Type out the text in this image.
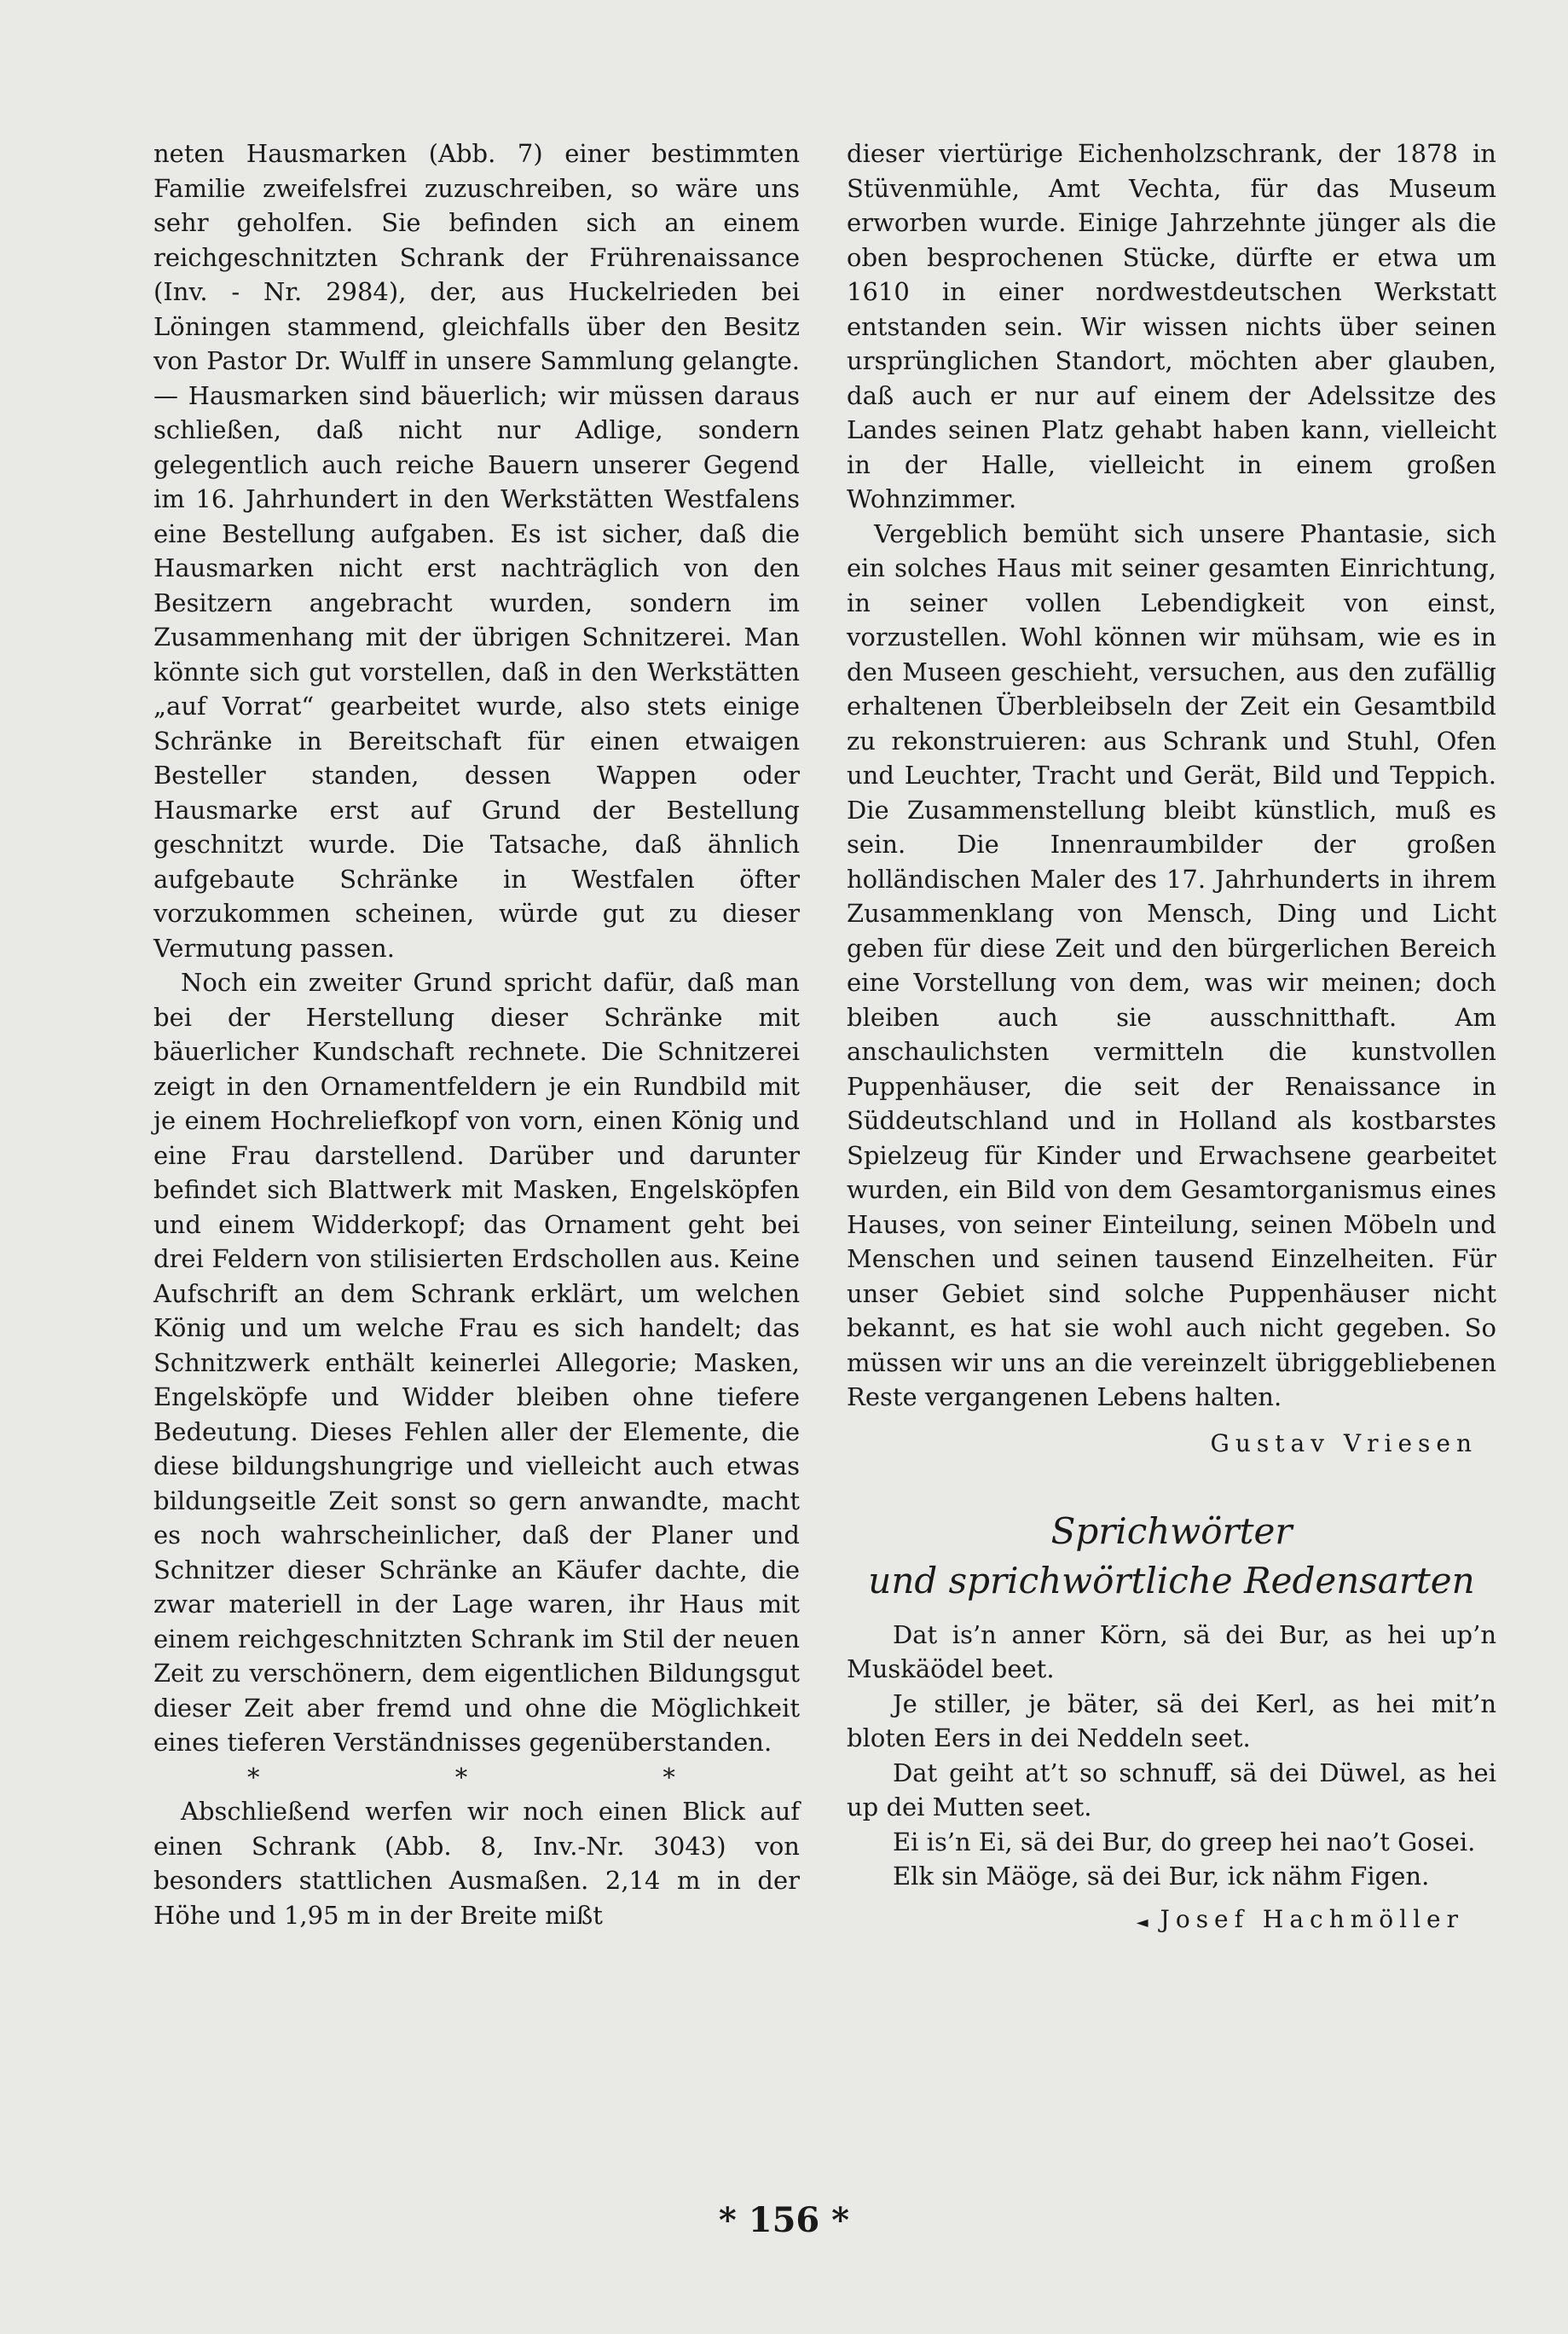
neten Hausmarken (Abb. 7) einer bestimmten Familie zweifelsfrei zuzuschreiben, so wäre uns sehr geholfen. Sie befinden sich an einem reichgeschnitzten Schrank der Frührenaissance (Inv. - Nr. 2984), der, aus Huckelrieden bei Löningen stammend, gleichfalls über den Besitz von Pastor Dr. Wulff in unsere Sammlung gelangte. — Hausmarken sind bäuerlich; wir müssen daraus schließen, daß nicht nur Adlige, sondern gelegentlich auch reiche Bauern unserer Gegend im 16. Jahrhundert in den Werkstätten Westfalens eine Bestellung aufgaben. Es ist sicher, daß die Hausmarken nicht erst nachträglich von den Besitzern angebracht wurden, sondern im Zusammenhang mit der übrigen Schnitzerei. Man könnte sich gut vorstellen, daß in den Werkstätten „auf Vorrat“ gearbeitet wurde, also stets einige Schränke in Bereitschaft für einen etwaigen Besteller standen, dessen Wappen oder Hausmarke erst auf Grund der Bestellung geschnitzt wurde. Die Tatsache, daß ähnlich aufgebaute Schränke in Westfalen öfter vorzukommen scheinen, würde gut zu dieser Vermutung passen.

Noch ein zweiter Grund spricht dafür, daß man bei der Herstellung dieser Schränke mit bäuerlicher Kundschaft rechnete. Die Schnitzerei zeigt in den Ornamentfeldern je ein Rundbild mit je einem Hochreliefkopf von vorn, einen König und eine Frau darstellend. Darüber und darunter befindet sich Blattwerk mit Masken, Engelsköpfen und einem Widderkopf; das Ornament geht bei drei Feldern von stilisierten Erdschollen aus. Keine Aufschrift an dem Schrank erklärt, um welchen König und um welche Frau es sich handelt; das Schnitzwerk enthält keinerlei Allegorie; Masken, Engelsköpfe und Widder bleiben ohne tiefere Bedeutung. Dieses Fehlen aller der Elemente, die diese bildungshungrige und vielleicht auch etwas bildungseitle Zeit sonst so gern anwandte, macht es noch wahrscheinlicher, daß der Planer und Schnitzer dieser Schränke an Käufer dachte, die zwar materiell in der Lage waren, ihr Haus mit einem reichgeschnitzten Schrank im Stil der neuen Zeit zu verschönern, dem eigentlichen Bildungsgut dieser Zeit aber fremd und ohne die Möglichkeit eines tieferen Verständnisses gegenüberstanden.

* * *

Abschließend werfen wir noch einen Blick auf einen Schrank (Abb. 8, Inv.-Nr. 3043) von besonders stattlichen Ausmaßen. 2,14 m in der Höhe und 1,95 m in der Breite mißt

dieser viertürige Eichenholzschrank, der 1878 in Stüvenmühle, Amt Vechta, für das Museum erworben wurde. Einige Jahrzehnte jünger als die oben besprochenen Stücke, dürfte er etwa um 1610 in einer nordwestdeutschen Werkstatt entstanden sein. Wir wissen nichts über seinen ursprünglichen Standort, möchten aber glauben, daß auch er nur auf einem der Adelssitze des Landes seinen Platz gehabt haben kann, vielleicht in der Halle, vielleicht in einem großen Wohnzimmer.

Vergeblich bemüht sich unsere Phantasie, sich ein solches Haus mit seiner gesamten Einrichtung, in seiner vollen Lebendigkeit von einst, vorzustellen. Wohl können wir mühsam, wie es in den Museen geschieht, versuchen, aus den zufällig erhaltenen Überbleibseln der Zeit ein Gesamtbild zu rekonstruieren: aus Schrank und Stuhl, Ofen und Leuchter, Tracht und Gerät, Bild und Teppich. Die Zusammenstellung bleibt künstlich, muß es sein. Die Innenraumbilder der großen holländischen Maler des 17. Jahrhunderts in ihrem Zusammenklang von Mensch, Ding und Licht geben für diese Zeit und den bürgerlichen Bereich eine Vorstellung von dem, was wir meinen; doch bleiben auch sie ausschnitthaft. Am anschaulichsten vermitteln die kunstvollen Puppenhäuser, die seit der Renaissance in Süddeutschland und in Holland als kostbarstes Spielzeug für Kinder und Erwachsene gearbeitet wurden, ein Bild von dem Gesamtorganismus eines Hauses, von seiner Einteilung, seinen Möbeln und Menschen und seinen tausend Einzelheiten. Für unser Gebiet sind solche Puppenhäuser nicht bekannt, es hat sie wohl auch nicht gegeben. So müssen wir uns an die vereinzelt übriggebliebenen Reste vergangenen Lebens halten.

Gustav Vriesen
Sprichwörter
und sprichwörtliche Redensarten

Dat is’n anner Körn, sä dei Bur, as hei up’n Muskäödel beet.

Je stiller, je bäter, sä dei Kerl, as hei mit’n bloten Eers in dei Neddeln seet.

Dat geiht at’t so schnuff, sä dei Düwel, as hei up dei Mutten seet.

Ei is’n Ei, sä dei Bur, do greep hei nao’t Gosei.

Elk sin Mäöge, sä dei Bur, ick nähm Figen.

◄ Josef Hachmöller
* 156 *
